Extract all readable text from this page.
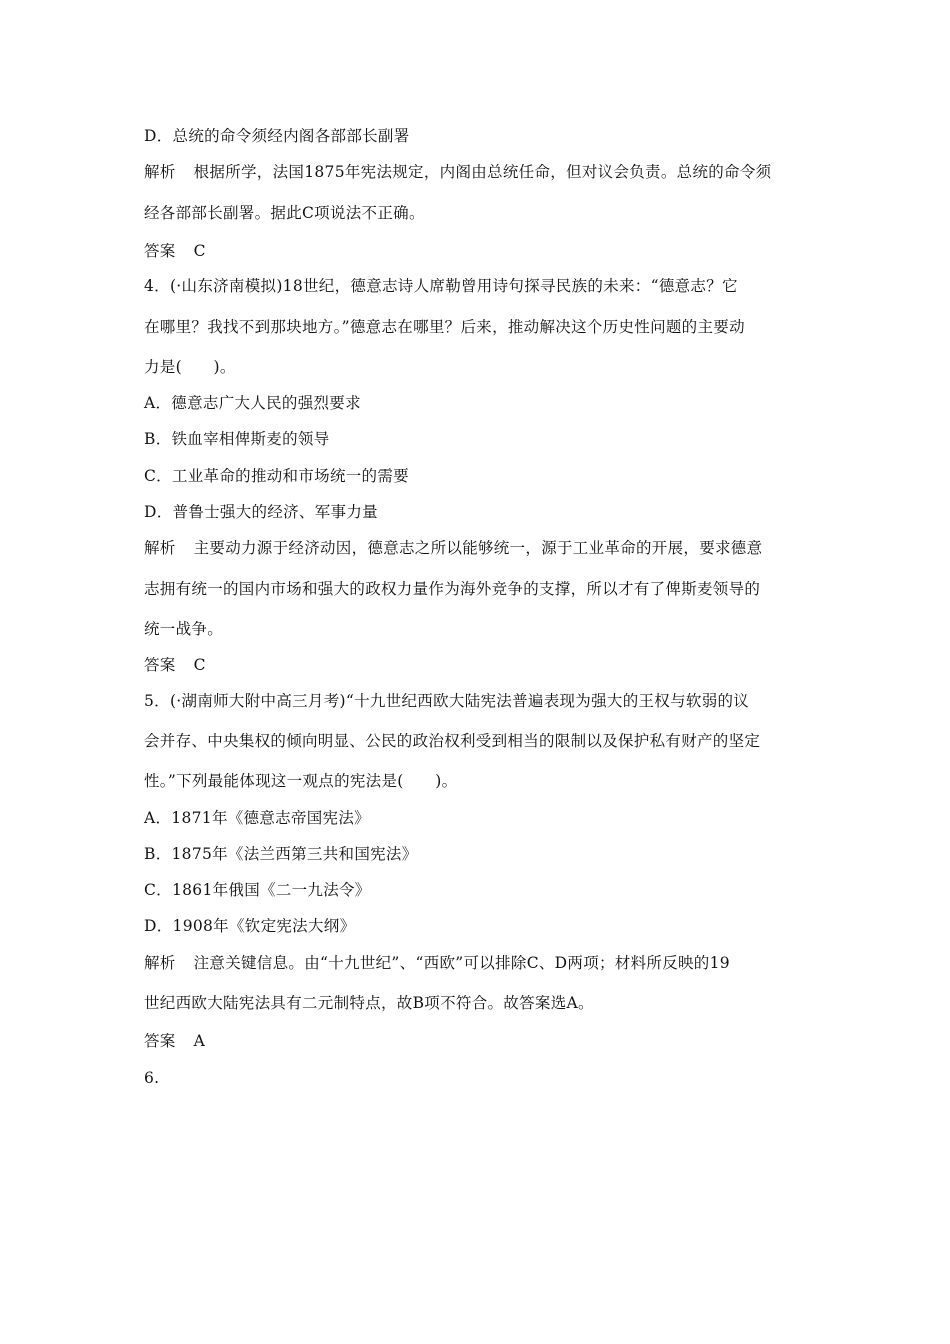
D．总统的命令须经内阁各部部长副署
解析 根据所学，法国1875年宪法规定，内阁由总统任命，但对议会负责。总统的命令须
经各部部长副署。据此C项说法不正确。
答案 C
4．(·山东济南模拟)18世纪，德意志诗人席勒曾用诗句探寻民族的未来：“德意志？它
在哪里？我找不到那块地方。”德意志在哪里？后来，推动解决这个历史性问题的主要动
力是(　　)。
A．德意志广大人民的强烈要求
B．铁血宰相俾斯麦的领导
C．工业革命的推动和市场统一的需要
D．普鲁士强大的经济、军事力量
解析 主要动力源于经济动因，德意志之所以能够统一，源于工业革命的开展，要求德意
志拥有统一的国内市场和强大的政权力量作为海外竞争的支撑，所以才有了俾斯麦领导的
统一战争。
答案 C
5．(·湖南师大附中高三月考)“十九世纪西欧大陆宪法普遍表现为强大的王权与软弱的议
会并存、中央集权的倾向明显、公民的政治权利受到相当的限制以及保护私有财产的坚定
性。”下列最能体现这一观点的宪法是(　　)。
A．1871年《德意志帝国宪法》
B．1875年《法兰西第三共和国宪法》
C．1861年俄国《二一九法令》
D．1908年《钦定宪法大纲》
解析 注意关键信息。由“十九世纪”、“西欧”可以排除C、D两项；材料所反映的19
世纪西欧大陆宪法具有二元制特点，故B项不符合。故答案选A。
答案 A
6.
